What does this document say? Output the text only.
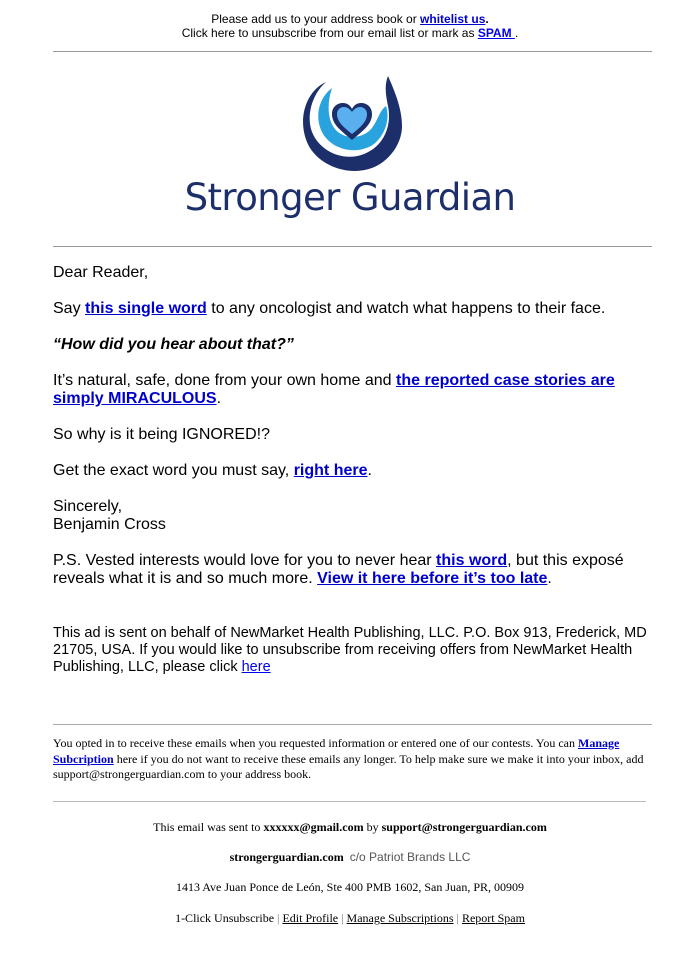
Please add us to your address book or whitelist us.
Click here to unsubscribe from our email list or mark as SPAM .
Stronger Guardian
Dear Reader,
Say this single word to any oncologist and watch what happens to their face.
“How did you hear about that?”
It’s natural, safe, done from your own home and the reported case stories are simply MIRACULOUS.
So why is it being IGNORED!?
Get the exact word you must say, right here.
Sincerely,
Benjamin Cross
P.S. Vested interests would love for you to never hear this word, but this exposé reveals what it is and so much more. View it here before it’s too late.
This ad is sent on behalf of NewMarket Health Publishing, LLC. P.O. Box 913, Frederick, MD 21705, USA. If you would like to unsubscribe from receiving offers from NewMarket Health Publishing, LLC, please click here
You opted in to receive these emails when you requested information or entered one of our contests. You can Manage Subcription here if you do not want to receive these emails any longer. To help make sure we make it into your inbox, add support@strongerguardian.com to your address book.
This email was sent to xxxxxx@gmail.com by support@strongerguardian.com
strongerguardian.com c/o Patriot Brands LLC
1413 Ave Juan Ponce de León, Ste 400 PMB 1602, San Juan, PR, 00909
1-Click Unsubscribe | Edit Profile | Manage Subscriptions | Report Spam
